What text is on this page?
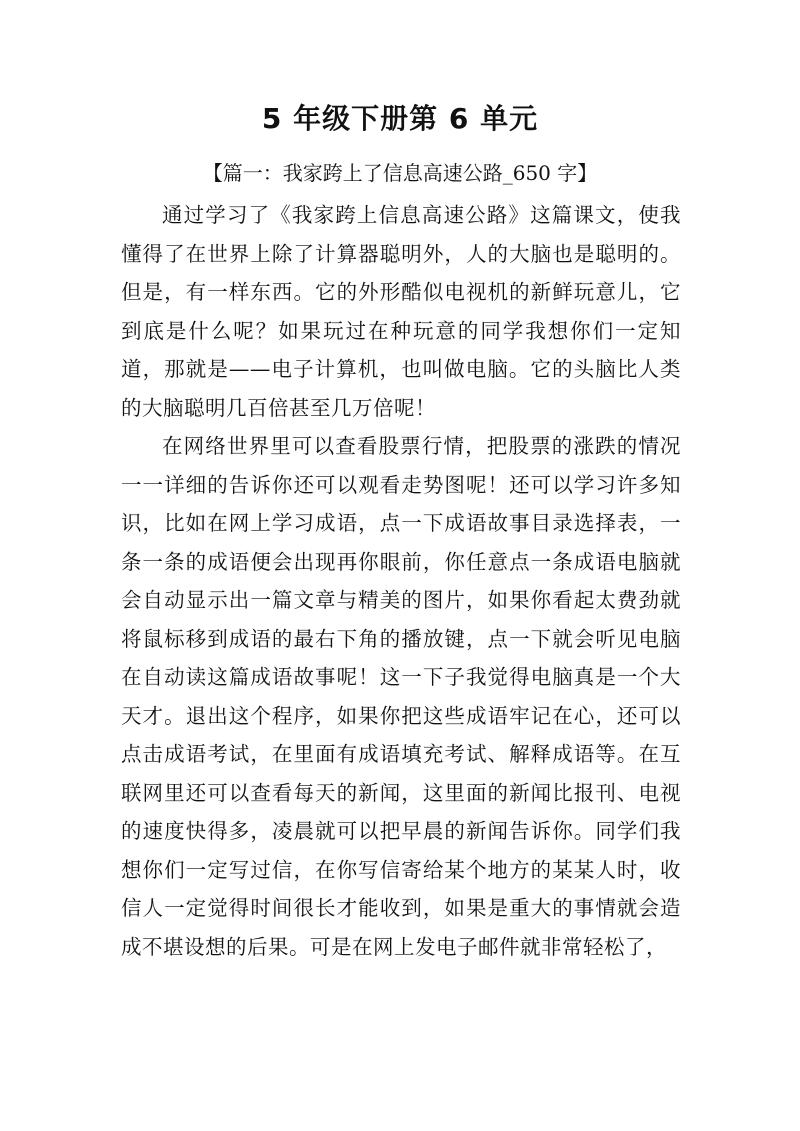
5 年级下册第 6 单元

【篇一：我家跨上了信息高速公路_650 字】

通过学习了《我家跨上信息高速公路》这篇课文，使我懂得了在世界上除了计算器聪明外，人的大脑也是聪明的。但是，有一样东西。它的外形酷似电视机的新鲜玩意儿，它到底是什么呢？如果玩过在种玩意的同学我想你们一定知道，那就是——电子计算机，也叫做电脑。它的头脑比人类的大脑聪明几百倍甚至几万倍呢！

在网络世界里可以查看股票行情，把股票的涨跌的情况一一详细的告诉你还可以观看走势图呢！还可以学习许多知识，比如在网上学习成语，点一下成语故事目录选择表，一条一条的成语便会出现再你眼前，你任意点一条成语电脑就会自动显示出一篇文章与精美的图片，如果你看起太费劲就将鼠标移到成语的最右下角的播放键，点一下就会听见电脑在自动读这篇成语故事呢！这一下子我觉得电脑真是一个大天才。退出这个程序，如果你把这些成语牢记在心，还可以点击成语考试，在里面有成语填充考试、解释成语等。在互联网里还可以查看每天的新闻，这里面的新闻比报刊、电视的速度快得多，凌晨就可以把早晨的新闻告诉你。同学们我想你们一定写过信，在你写信寄给某个地方的某某人时，收信人一定觉得时间很长才能收到，如果是重大的事情就会造成不堪设想的后果。可是在网上发电子邮件就非常轻松了，
